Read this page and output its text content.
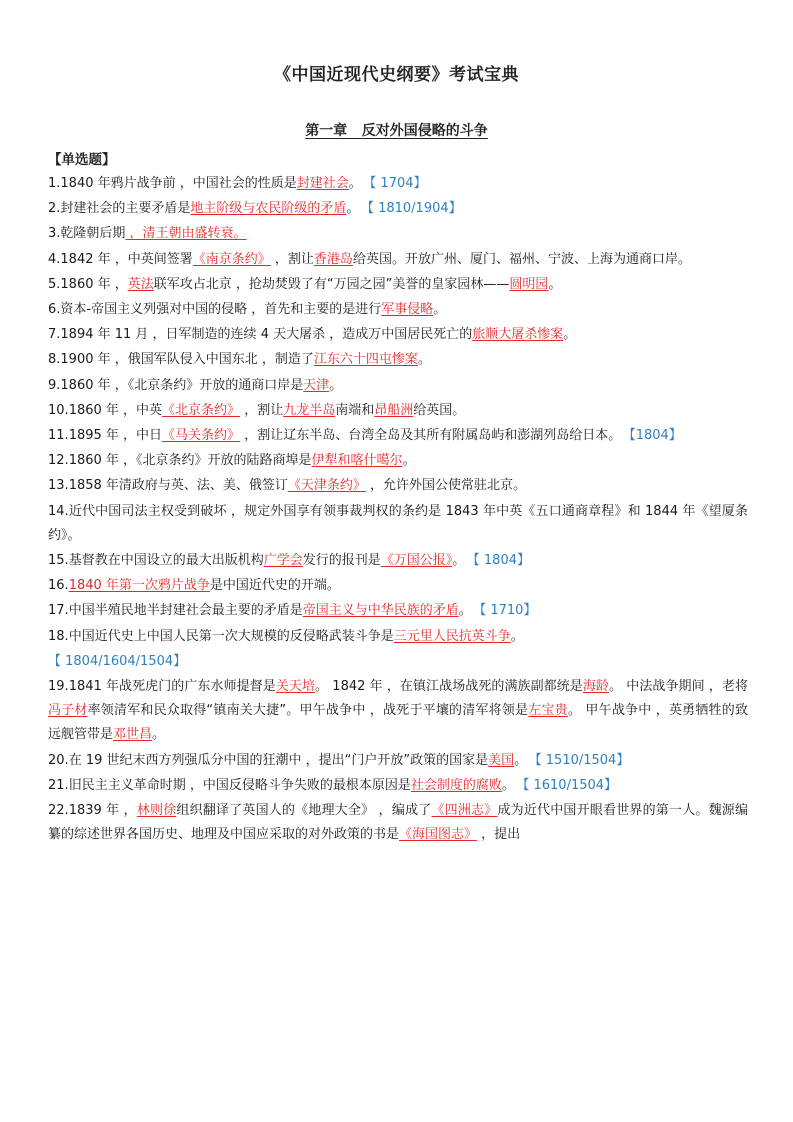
《中国近现代史纲要》考试宝典
第一章   反对外国侵略的斗争
【单选题】

1.1840 年鸦片战争前 ，中国社会的性质是封建社会。 【 1704】

2.封建社会的主要矛盾是地主阶级与农民阶级的矛盾。 【 1810/1904】

3.乾隆朝后期 ，清王朝由盛转衰。

4.1842 年 ，中英间签署《南京条约》 ，割让香港岛给英国。开放广州、厦门、福州、宁波、上海为通商口岸。

5.1860 年 ，英法联军攻占北京 ，抢劫焚毁了有“万园之园”美誉的皇家园林——圆明园。

6.资本-帝国主义列强对中国的侵略 ，首先和主要的是进行军事侵略。

7.1894 年 11 月 ，日军制造的连续 4 天大屠杀 ，造成万中国居民死亡的旅顺大屠杀惨案。

8.1900 年 ，俄国军队侵入中国东北 ，制造了江东六十四屯惨案。

9.1860 年 ，《北京条约》开放的通商口岸是天津。

10.1860 年 ，中英《北京条约》 ，割让九龙半岛南端和昂船洲给英国。

11.1895 年 ，中日《马关条约》 ，割让辽东半岛、台湾全岛及其所有附属岛屿和澎湖列岛给日本。 【1804】

12.1860 年 ，《北京条约》开放的陆路商埠是伊犁和喀什噶尔。

13.1858 年清政府与英、法、美、俄签订《天津条约》 ，允许外国公使常驻北京。

14.近代中国司法主权受到破坏 ，规定外国享有领事裁判权的条约是 1843 年中英《五口通商章程》和 1844 年《望厦条约》。

15.基督教在中国设立的最大出版机构广学会发行的报刊是《万国公报》。 【 1804】

16.1840 年第一次鸦片战争是中国近代史的开端。

17.中国半殖民地半封建社会最主要的矛盾是帝国主义与中华民族的矛盾。 【 1710】

18.中国近代史上中国人民第一次大规模的反侵略武装斗争是三元里人民抗英斗争。

【 1804/1604/1504】

19.1841 年战死虎门的广东水师提督是关天培。 1842 年 ，在镇江战场战死的满族副都统是海龄。 中法战争期间 ，老将冯子材率领清军和民众取得“镇南关大捷”。甲午战争中 ，战死于平壤的清军将领是左宝贵。 甲午战争中 ，英勇牺牲的致远舰管带是邓世昌。

20.在 19 世纪末西方列强瓜分中国的狂潮中 ，提出“门户开放”政策的国家是美国。 【 1510/1504】

21.旧民主主义革命时期 ，中国反侵略斗争失败的最根本原因是社会制度的腐败。 【 1610/1504】

22.1839 年 ，林则徐组织翻译了英国人的《地理大全》 ，编成了《四洲志》成为近代中国开眼看世界的第一人。魏源编纂的综述世界各国历史、地理及中国应采取的对外政策的书是《海国图志》 ，提出
